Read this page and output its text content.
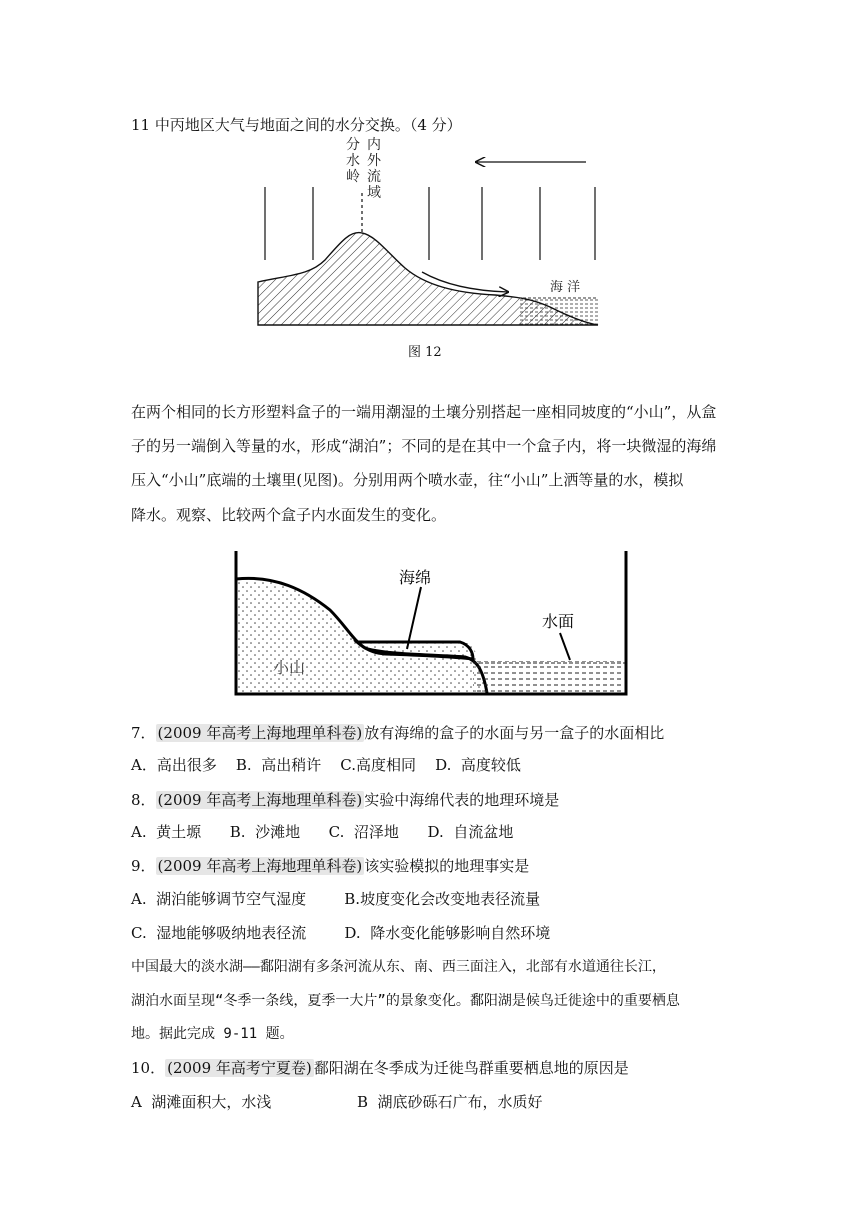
11 中丙地区大气与地面之间的水分交换。（4 分）
分
水
岭
内
外
流
域
海 洋
图 12
在两个相同的长方形塑料盒子的一端用潮湿的土壤分别搭起一座相同坡度的“小山”，从盒
子的另一端倒入等量的水，形成“湖泊”；不同的是在其中一个盒子内，将一块微湿的海绵
压入“小山”底端的土壤里(见图)。分别用两个喷水壶，往“小山”上洒等量的水，模拟
降水。观察、比较两个盒子内水面发生的变化。
海绵
水面
小山
7． (2009 年高考上海地理单科卷) 放有海绵的盒子的水面与另一盒子的水面相比
A．高出很多    B.  高出稍许    C.高度相同    D.  高度较低
8． (2009 年高考上海地理单科卷) 实验中海绵代表的地理环境是
A.  黄土塬      B.  沙滩地      C.  沼泽地      D.  自流盆地
9． (2009 年高考上海地理单科卷) 该实验模拟的地理事实是
A.  湖泊能够调节空气湿度        B.坡度变化会改变地表径流量
C.  湿地能够吸纳地表径流        D.  降水变化能够影响自然环境
中国最大的淡水湖——鄱阳湖有多条河流从东、南、西三面注入，北部有水道通往长江，
湖泊水面呈现“冬季一条线，夏季一大片”的景象变化。鄱阳湖是候鸟迁徙途中的重要栖息
地。据此完成 9-11 题。
10． (2009 年高考宁夏卷) 鄱阳湖在冬季成为迁徙鸟群重要栖息地的原因是
A  湖滩面积大，水浅	B  湖底砂砾石广布，水质好
